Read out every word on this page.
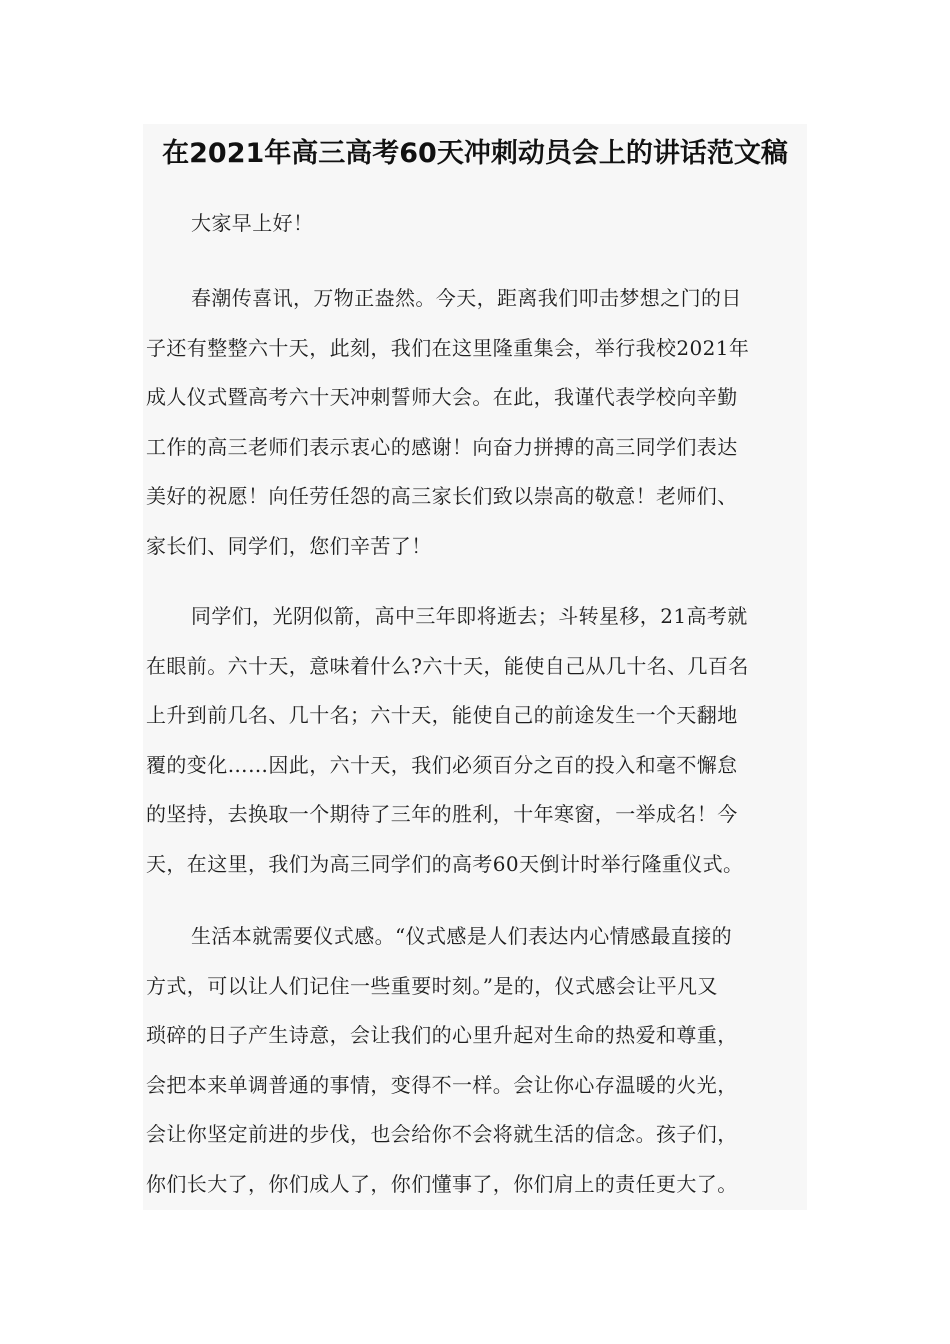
在2021年高三高考60天冲刺动员会上的讲话范文稿
大家早上好！
春潮传喜讯，万物正盎然。今天，距离我们叩击梦想之门的日
子还有整整六十天，此刻，我们在这里隆重集会，举行我校2021年
成人仪式暨高考六十天冲刺誓师大会。在此，我谨代表学校向辛勤
工作的高三老师们表示衷心的感谢！向奋力拼搏的高三同学们表达
美好的祝愿！向任劳任怨的高三家长们致以崇高的敬意！老师们、
家长们、同学们，您们辛苦了！
同学们，光阴似箭，高中三年即将逝去；斗转星移，21高考就
在眼前。六十天，意味着什么?六十天，能使自己从几十名、几百名
上升到前几名、几十名；六十天，能使自己的前途发生一个天翻地
覆的变化……因此，六十天，我们必须百分之百的投入和毫不懈怠
的坚持，去换取一个期待了三年的胜利，十年寒窗，一举成名！今
天，在这里，我们为高三同学们的高考60天倒计时举行隆重仪式。
生活本就需要仪式感。“仪式感是人们表达内心情感最直接的
方式，可以让人们记住一些重要时刻。”是的，仪式感会让平凡又
琐碎的日子产生诗意，会让我们的心里升起对生命的热爱和尊重，
会把本来单调普通的事情，变得不一样。会让你心存温暖的火光，
会让你坚定前进的步伐，也会给你不会将就生活的信念。孩子们，
你们长大了，你们成人了，你们懂事了，你们肩上的责任更大了。
